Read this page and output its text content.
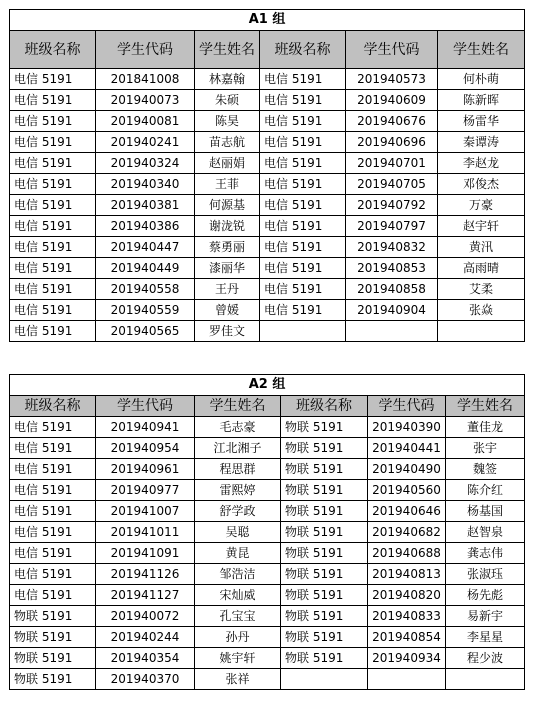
A1 组					
班级名称	学生代码	学生姓名	班级名称	学生代码	学生姓名
电信 5191	201841008	林嘉翰	电信 5191	201940573	何朴萌
电信 5191	201940073	朱硕	电信 5191	201940609	陈新晖
电信 5191	201940081	陈昊	电信 5191	201940676	杨雷华
电信 5191	201940241	苗志航	电信 5191	201940696	秦谭涛
电信 5191	201940324	赵丽娟	电信 5191	201940701	李赵龙
电信 5191	201940340	王菲	电信 5191	201940705	邓俊杰
电信 5191	201940381	何源基	电信 5191	201940792	万豪
电信 5191	201940386	谢泷锐	电信 5191	201940797	赵宇轩
电信 5191	201940447	蔡勇丽	电信 5191	201940832	黄汛
电信 5191	201940449	漆丽华	电信 5191	201940853	高雨晴
电信 5191	201940558	王丹	电信 5191	201940858	艾柔
电信 5191	201940559	曾媛	电信 5191	201940904	张焱
电信 5191	201940565	罗佳文			
A2 组					
班级名称	学生代码	学生姓名	班级名称	学生代码	学生姓名
电信 5191	201940941	毛志豪	物联 5191	201940390	董佳龙
电信 5191	201940954	江北湘子	物联 5191	201940441	张宇
电信 5191	201940961	程思群	物联 5191	201940490	魏签
电信 5191	201940977	雷熙婷	物联 5191	201940560	陈介红
电信 5191	201941007	舒学政	物联 5191	201940646	杨基国
电信 5191	201941011	吴聪	物联 5191	201940682	赵智泉
电信 5191	201941091	黄昆	物联 5191	201940688	龚志伟
电信 5191	201941126	邹浩洁	物联 5191	201940813	张淑珏
电信 5191	201941127	宋灿威	物联 5191	201940820	杨先彪
物联 5191	201940072	孔宝宝	物联 5191	201940833	易新宇
物联 5191	201940244	孙丹	物联 5191	201940854	李星星
物联 5191	201940354	姚宇轩	物联 5191	201940934	程少波
物联 5191	201940370	张祥			
